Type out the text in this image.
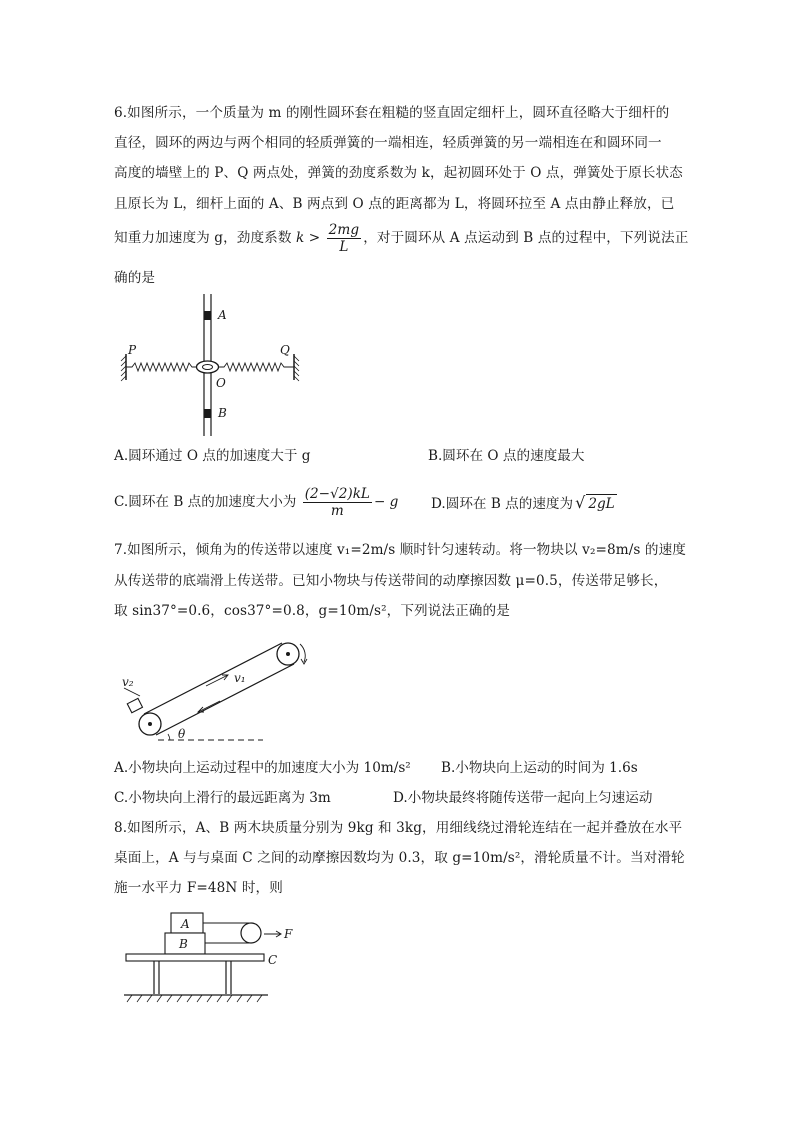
6.如图所示，一个质量为 m 的刚性圆环套在粗糙的竖直固定细杆上，圆环直径略大于细杆的
直径，圆环的两边与两个相同的轻质弹簧的一端相连，轻质弹簧的另一端相连在和圆环同一
高度的墙壁上的 P、Q 两点处，弹簧的劲度系数为 k，起初圆环处于 O 点，弹簧处于原长状态
且原长为 L，细杆上面的 A、B 两点到 O 点的距离都为 L，将圆环拉至 A 点由静止释放，已
知重力加速度为 g，劲度系数 $k > \frac{2mg}{L}$ ，对于圆环从 A 点运动到 B 点的过程中，下列说法正
确的是
A
B
P	Q
O
A.圆环通过 O 点的加速度大于 g	B.圆环在 O 点的速度最大
C.圆环在 B 点的加速度大小为 $\frac{(2-√2)kL}{m} - g$ D.圆环在 B 点的速度为 √ 2gL
7.如图所示，倾角为的传送带以速度 v₁=2m/s 顺时针匀速转动。将一物块以 v₂=8m/s 的速度
从传送带的底端滑上传送带。已知小物块与传送带间的动摩擦因数 μ=0.5，传送带足够长，
取 sin37°=0.6，cos37°=0.8，g=10m/s²，下列说法正确的是
v₂	v₁
θ
A.小物块向上运动过程中的加速度大小为 10m/s² B.小物块向上运动的时间为 1.6s
C.小物块向上滑行的最远距离为 3m	D.小物块最终将随传送带一起向上匀速运动
8.如图所示，A、B 两木块质量分别为 9kg 和 3kg，用细线绕过滑轮连结在一起并叠放在水平
桌面上，A 与与桌面 C 之间的动摩擦因数均为 0.3，取 g=10m/s²，滑轮质量不计。当对滑轮
施一水平力 F=48N 时，则
A
B
F
C
